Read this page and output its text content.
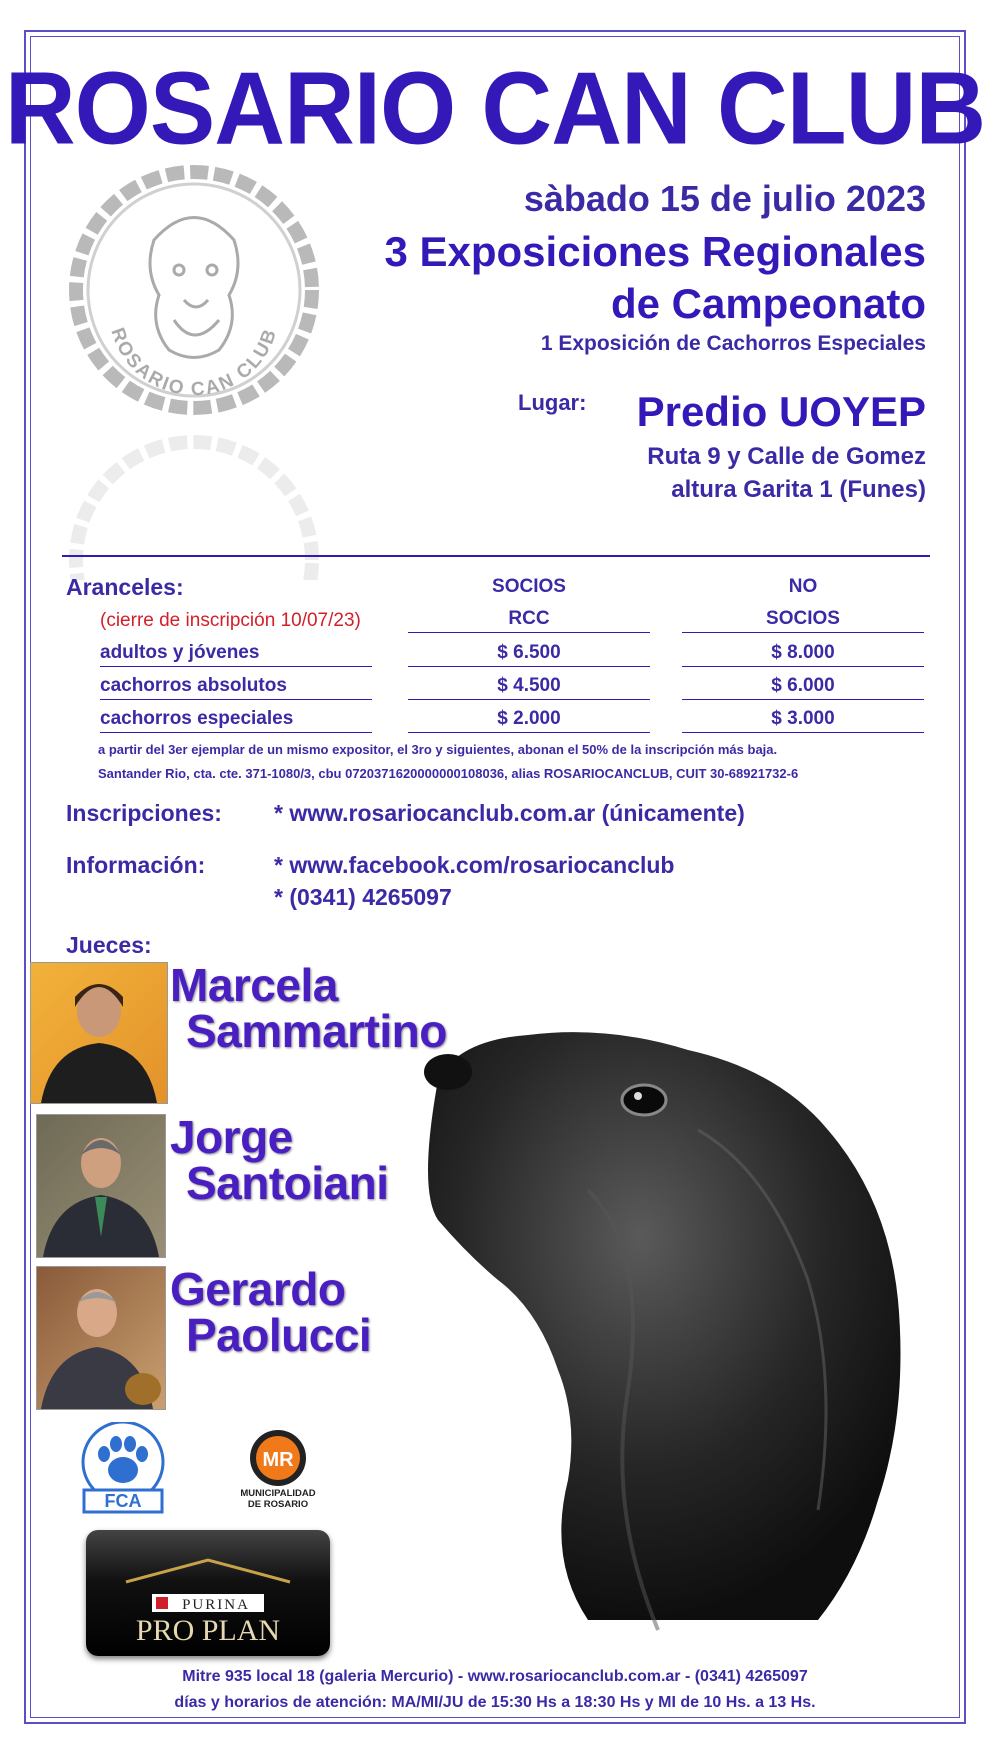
ROSARIO CAN CLUB
ROSARIO CAN CLUB
sàbado 15 de julio 2023
3 Exposiciones Regionales
de Campeonato
1 Exposición de Cachorros Especiales
Lugar: Predio UOYEP
Ruta 9 y Calle de Gomez
altura Garita 1 (Funes)
Aranceles:	SOCIOS	NO
(cierre de inscripción 10/07/23)	RCC	SOCIOS
adultos y jóvenes	$ 6.500	$ 8.000
cachorros absolutos	$ 4.500	$ 6.000
cachorros especiales	$ 2.000	$ 3.000
a partir del 3er ejemplar de un mismo expositor, el 3ro y siguientes, abonan el 50% de la inscripción más baja.
Santander Rio, cta. cte. 371-1080/3, cbu 0720371620000000108036, alias ROSARIOCANCLUB, CUIT 30-68921732-6
Inscripciones: * www.rosariocanclub.com.ar (únicamente)
Información:	* www.facebook.com/rosariocanclub
* (0341) 4265097
Jueces:
Marcela
Sammartino
Jorge
Santoiani
Gerardo
Paolucci
FCA
MR
MUNICIPALIDAD
DE ROSARIO
PURINA
PRO PLAN
Mitre 935 local 18 (galeria Mercurio) - www.rosariocanclub.com.ar - (0341) 4265097
días y horarios de atención: MA/MI/JU de 15:30 Hs a 18:30 Hs y MI de 10 Hs. a 13 Hs.
